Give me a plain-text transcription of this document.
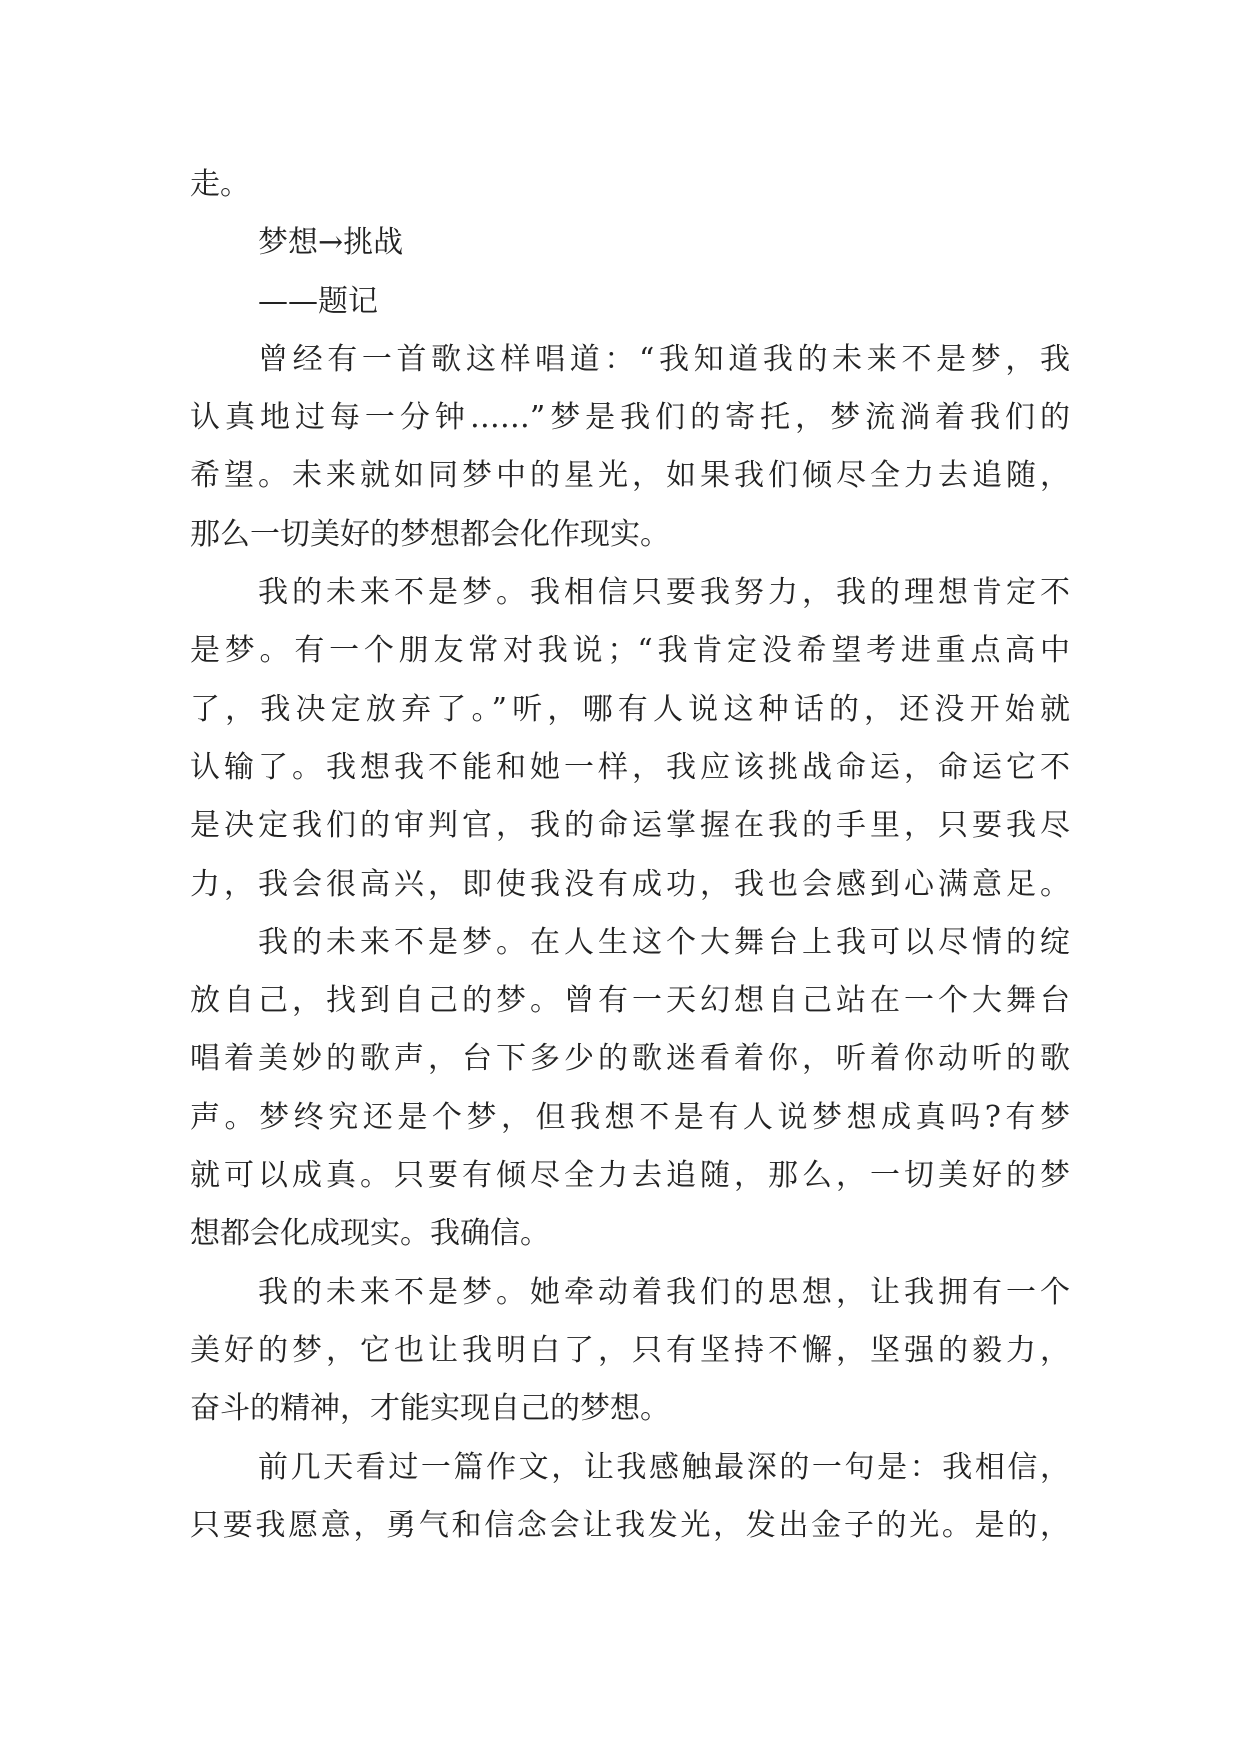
走。
梦想→挑战
——题记
曾经有一首歌这样唱道：“我知道我的未来不是梦，我
认真地过每一分钟……”梦是我们的寄托，梦流淌着我们的
希望。未来就如同梦中的星光，如果我们倾尽全力去追随，
那么一切美好的梦想都会化作现实。
我的未来不是梦。我相信只要我努力，我的理想肯定不
是梦。有一个朋友常对我说；“我肯定没希望考进重点高中
了，我决定放弃了。”听，哪有人说这种话的，还没开始就
认输了。我想我不能和她一样，我应该挑战命运，命运它不
是决定我们的审判官，我的命运掌握在我的手里，只要我尽
力，我会很高兴，即使我没有成功，我也会感到心满意足。
我的未来不是梦。在人生这个大舞台上我可以尽情的绽
放自己，找到自己的梦。曾有一天幻想自己站在一个大舞台
唱着美妙的歌声，台下多少的歌迷看着你，听着你动听的歌
声。梦终究还是个梦，但我想不是有人说梦想成真吗?有梦
就可以成真。只要有倾尽全力去追随，那么，一切美好的梦
想都会化成现实。我确信。
我的未来不是梦。她牵动着我们的思想，让我拥有一个
美好的梦，它也让我明白了，只有坚持不懈，坚强的毅力，
奋斗的精神，才能实现自己的梦想。
前几天看过一篇作文，让我感触最深的一句是：我相信，
只要我愿意，勇气和信念会让我发光，发出金子的光。是的，
